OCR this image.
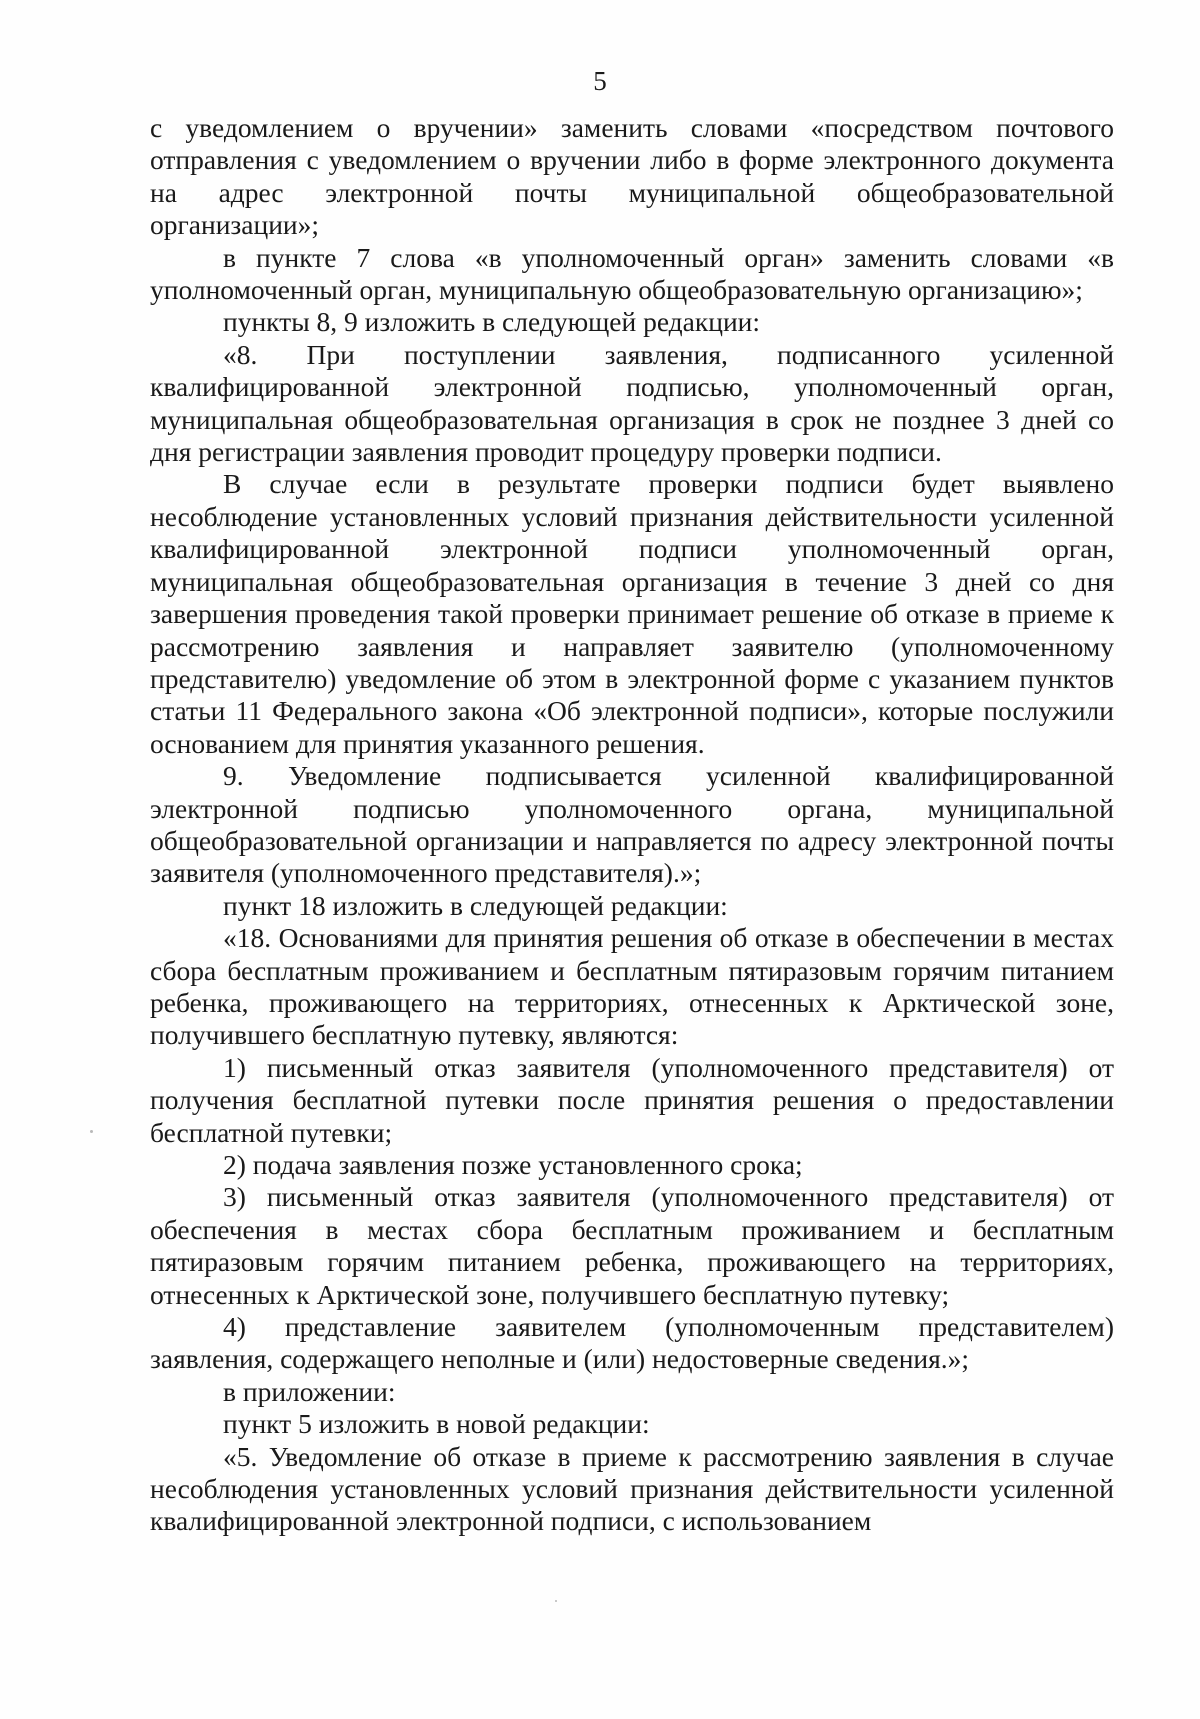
5

с уведомлением о вручении» заменить словами «посредством почтового отправления с уведомлением о вручении либо в форме электронного документа на адрес электронной почты муниципальной общеобразовательной организации»;

в пункте 7 слова «в уполномоченный орган» заменить словами «в уполномоченный орган, муниципальную общеобразовательную организацию»;

пункты 8, 9 изложить в следующей редакции:

«8. При поступлении заявления, подписанного усиленной квалифицированной электронной подписью, уполномоченный орган, муниципальная общеобразовательная организация в срок не позднее 3 дней со дня регистрации заявления проводит процедуру проверки подписи.

В случае если в результате проверки подписи будет выявлено несоблюдение установленных условий признания действительности усиленной квалифицированной электронной подписи уполномоченный орган, муниципальная общеобразовательная организация в течение 3 дней со дня завершения проведения такой проверки принимает решение об отказе в приеме к рассмотрению заявления и направляет заявителю (уполномоченному представителю) уведомление об этом в электронной форме с указанием пунктов статьи 11 Федерального закона «Об электронной подписи», которые послужили основанием для принятия указанного решения.

9. Уведомление подписывается усиленной квалифицированной электронной подписью уполномоченного органа, муниципальной общеобразовательной организации и направляется по адресу электронной почты заявителя (уполномоченного представителя).»;

пункт 18 изложить в следующей редакции:

«18. Основаниями для принятия решения об отказе в обеспечении в местах сбора бесплатным проживанием и бесплатным пятиразовым горячим питанием ребенка, проживающего на территориях, отнесенных к Арктической зоне, получившего бесплатную путевку, являются:

1) письменный отказ заявителя (уполномоченного представителя) от получения бесплатной путевки после принятия решения о предоставлении бесплатной путевки;

2) подача заявления позже установленного срока;

3) письменный отказ заявителя (уполномоченного представителя) от обеспечения в местах сбора бесплатным проживанием и бесплатным пятиразовым горячим питанием ребенка, проживающего на территориях, отнесенных к Арктической зоне, получившего бесплатную путевку;

4) представление заявителем (уполномоченным представителем) заявления, содержащего неполные и (или) недостоверные сведения.»;

в приложении:

пункт 5 изложить в новой редакции:

«5. Уведомление об отказе в приеме к рассмотрению заявления в случае несоблюдения установленных условий признания действительности усиленной квалифицированной электронной подписи, с использованием
